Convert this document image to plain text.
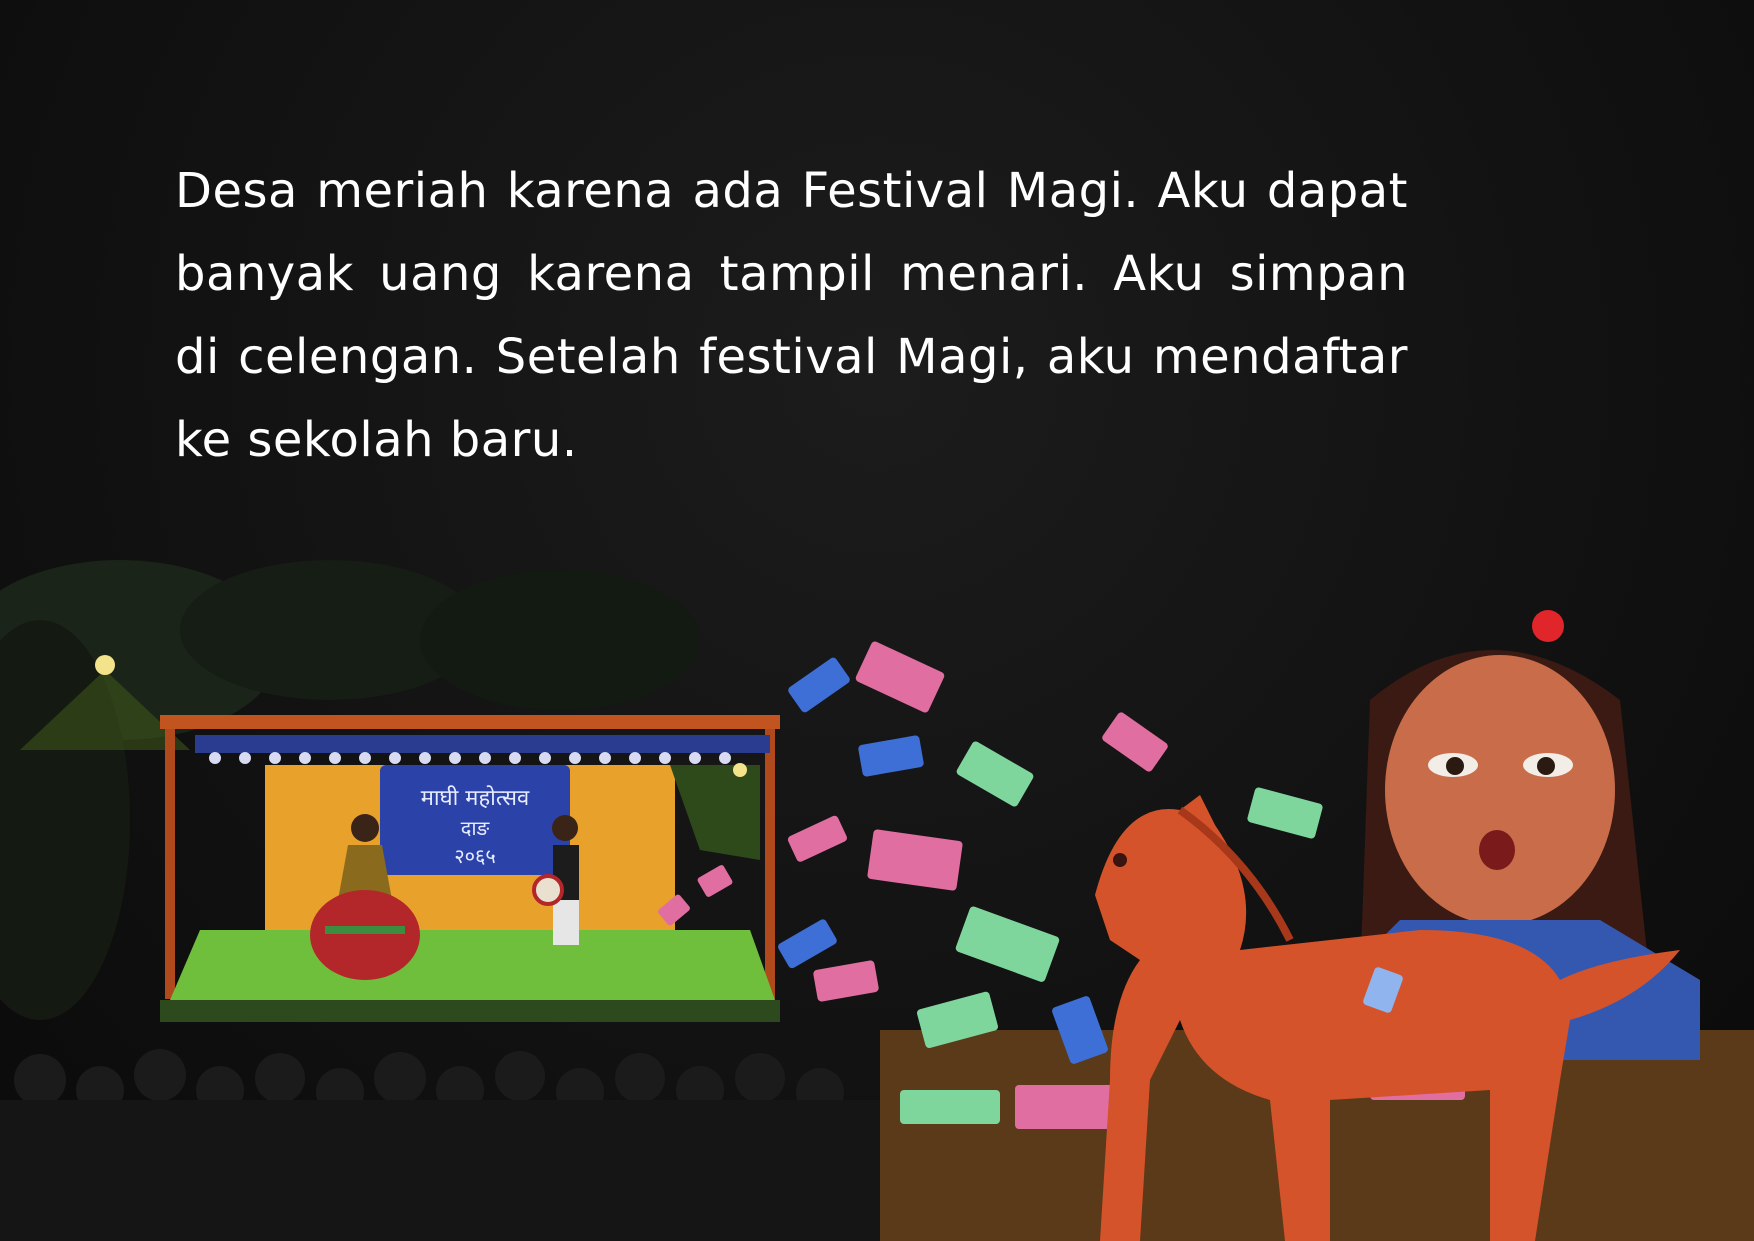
Desa meriah karena ada Festival Magi. Aku dapat banyak uang karena tampil menari. Aku simpan di celengan. Setelah festival Magi, aku mendaftar ke sekolah baru.

माघी महोत्सव
दाङ
२०६५
